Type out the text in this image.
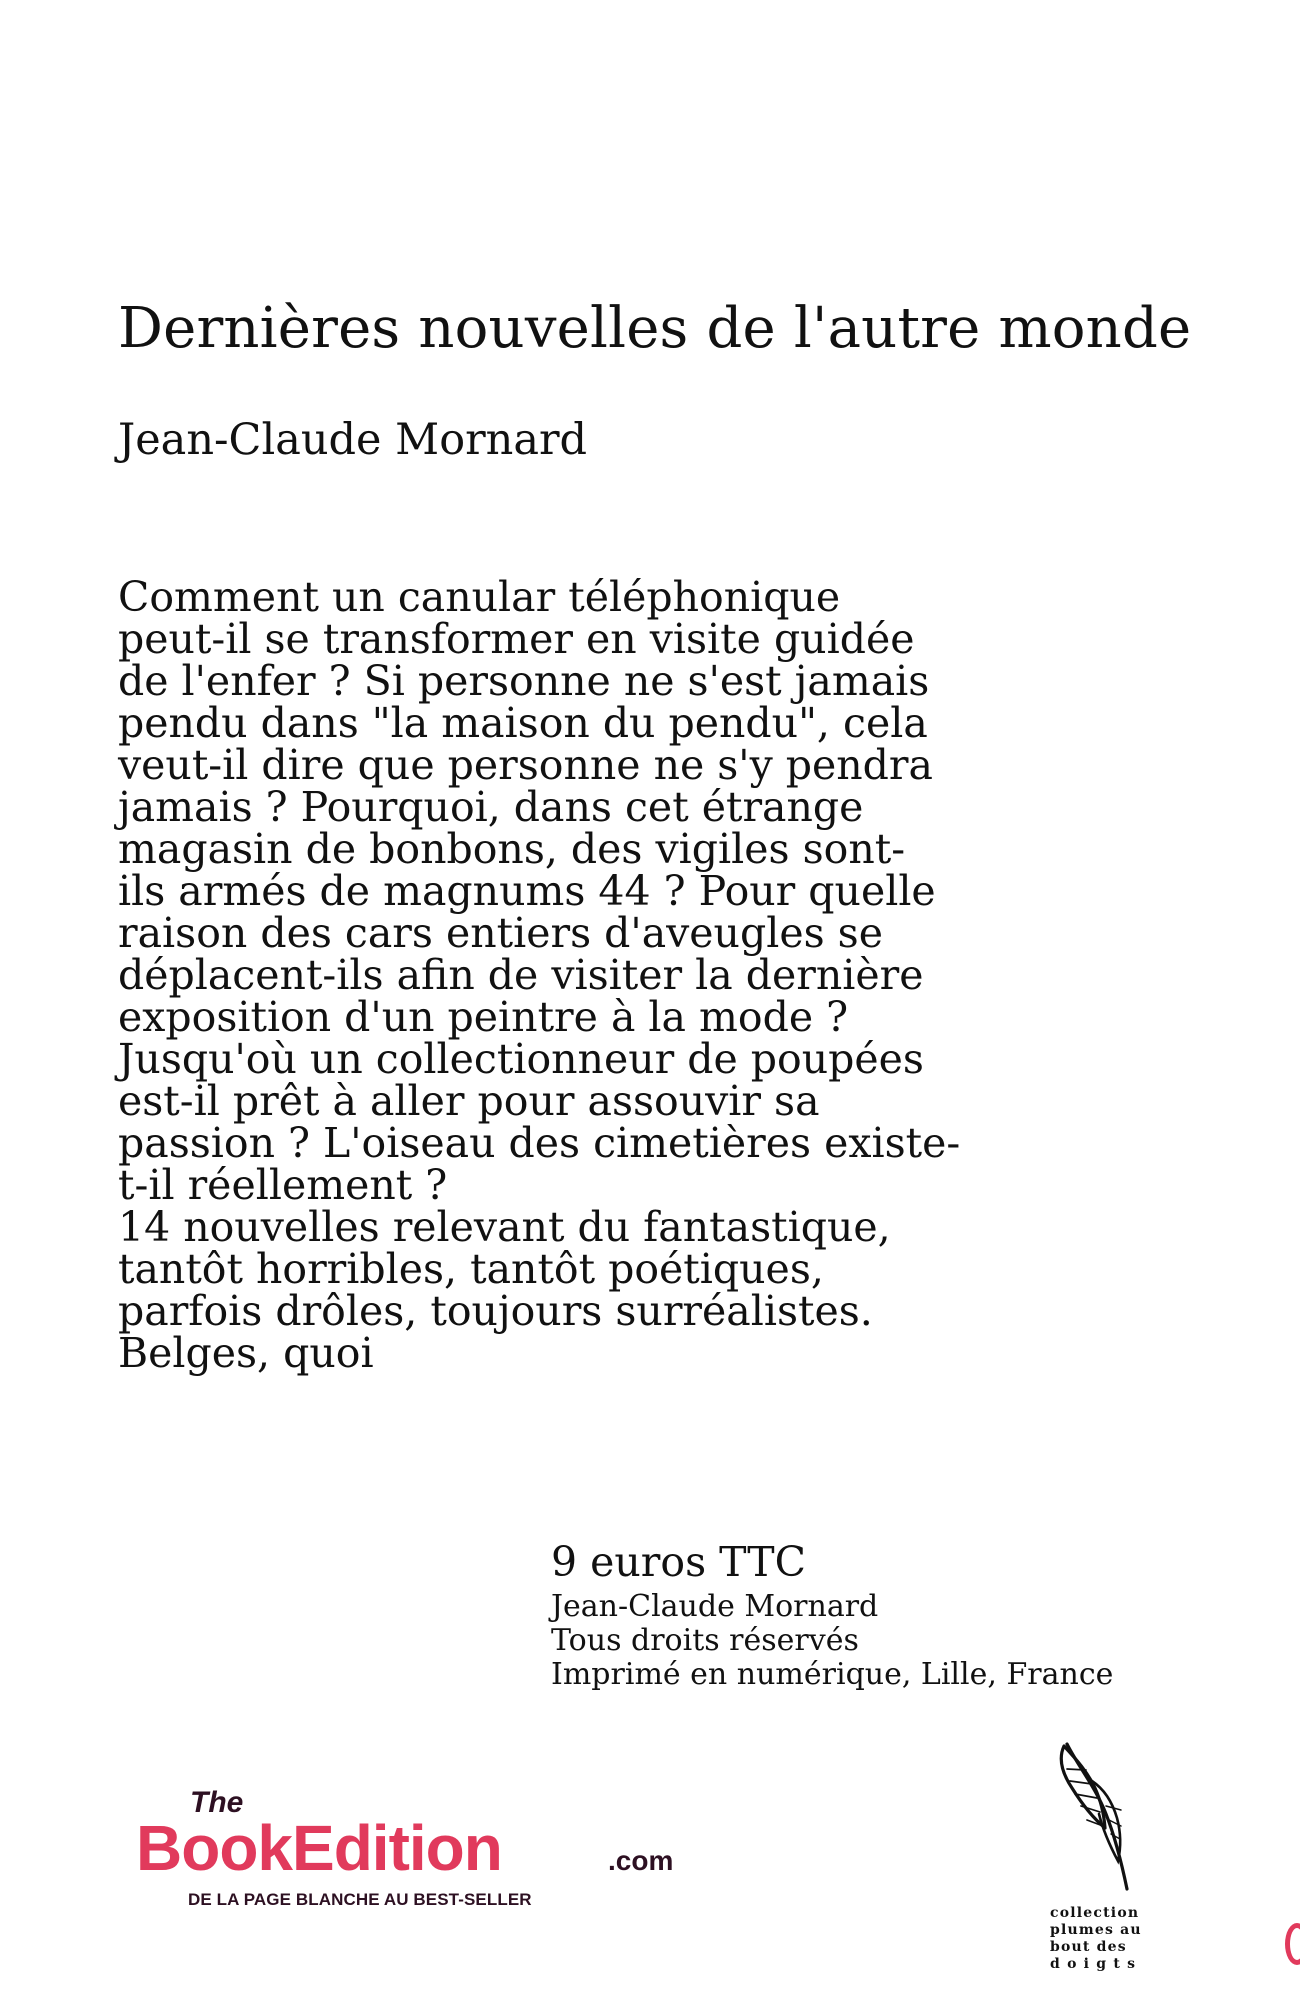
Dernières nouvelles de l'autre monde
Jean-Claude Mornard
Comment un canular téléphonique
peut-il se transformer en visite guidée
de l'enfer ? Si personne ne s'est jamais
pendu dans "la maison du pendu", cela
veut-il dire que personne ne s'y pendra
jamais ? Pourquoi, dans cet étrange
magasin de bonbons, des vigiles sont-
ils armés de magnums 44 ? Pour quelle
raison des cars entiers d'aveugles se
déplacent-ils afin de visiter la dernière
exposition d'un peintre à la mode ?
Jusqu'où un collectionneur de poupées
est-il prêt à aller pour assouvir sa
passion ? L'oiseau des cimetières existe-
t-il réellement ?
14 nouvelles relevant du fantastique,
tantôt horribles, tantôt poétiques,
parfois drôles, toujours surréalistes.
Belges, quoi
9 euros TTC
Jean-Claude Mornard
Tous droits réservés
Imprimé en numérique, Lille, France
The
BookEdition	.com
DE LA PAGE BLANCHE AU BEST-SELLER
collection
plumes au
bout des
d o i g t s
